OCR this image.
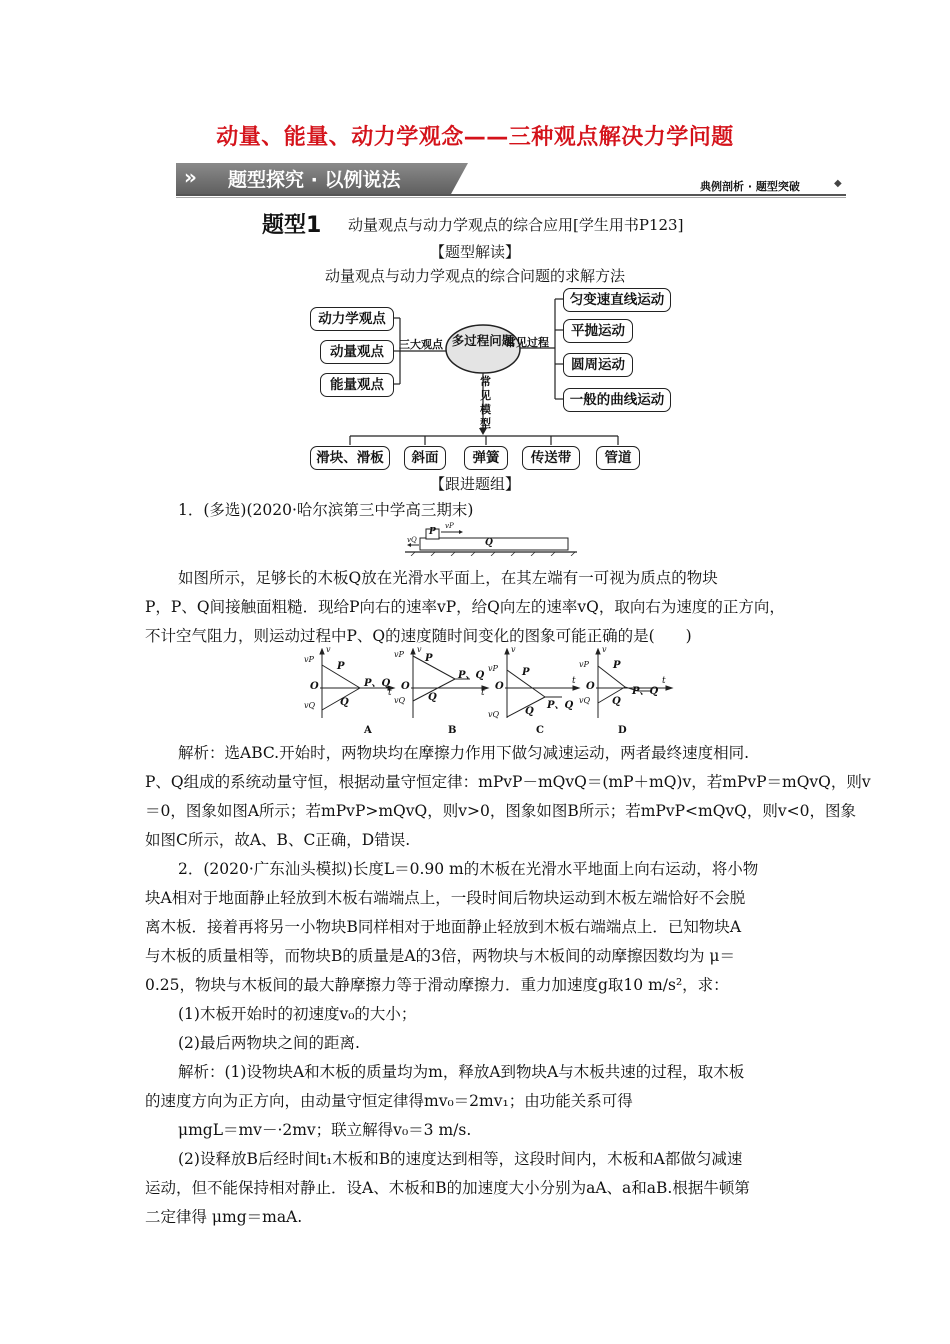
动量、能量、动力学观念——三种观点解决力学问题
» 题型探究 · 以例说法	典例剖析 · 题型突破	◆
题型1 动量观点与动力学观点的综合应用[学生用书P123]
【题型解读】
动量观点与动力学观点的综合问题的求解方法
动力学观点
动量观点
能量观点
三大观点 多过程问题
常见过程
匀变速直线运动
平抛运动
圆周运动
一般的曲线运动
常见模型
滑块、滑板	斜面	弹簧	传送带	管道
【跟进题组】
1．(多选)(2020·哈尔滨第三中学高三期末)
P
vP
Q
vQ
如图所示，足够长的木板Q放在光滑水平面上，在其左端有一可视为质点的物块
P，P、Q间接触面粗糙．现给P向右的速率vP，给Q向左的速率vQ，取向右为速度的正方向，
不计空气阻力，则运动过程中P、Q的速度随时间变化的图象可能正确的是(　　)
vP
v
O
vQ
P
Q
P、Q
t
A
vP
v
O
vQ
P
Q
P、Q
t
B
vP
v
O
vQ
P
Q
P、Q
t
C
vP
v
O
vQ
P
Q
P、Q
t
D
解析：选ABC.开始时，两物块均在摩擦力作用下做匀减速运动，两者最终速度相同.
P、Q组成的系统动量守恒，根据动量守恒定律：mPvP－mQvQ＝(mP＋mQ)v，若mPvP＝mQvQ，则v
＝0，图象如图A所示；若mPvP>mQvQ，则v>0，图象如图B所示；若mPvP<mQvQ，则v<0，图象
如图C所示，故A、B、C正确，D错误.
2．(2020·广东汕头模拟)长度L＝0.90 m的木板在光滑水平地面上向右运动，将小物
块A相对于地面静止轻放到木板右端端点上，一段时间后物块运动到木板左端恰好不会脱
离木板．接着再将另一小物块B同样相对于地面静止轻放到木板右端端点上．已知物块A
与木板的质量相等，而物块B的质量是A的3倍，两物块与木板间的动摩擦因数均为 μ＝
0.25，物块与木板间的最大静摩擦力等于滑动摩擦力．重力加速度g取10 m/s²，求：
(1)木板开始时的初速度v₀的大小；
(2)最后两物块之间的距离.
解析：(1)设物块A和木板的质量均为m，释放A到物块A与木板共速的过程，取木板
的速度方向为正方向，由动量守恒定律得mv₀＝2mv₁；由功能关系可得
μmgL＝mv－·2mv；联立解得v₀＝3 m/s.
(2)设释放B后经时间t₁木板和B的速度达到相等，这段时间内，木板和A都做匀减速
运动，但不能保持相对静止．设A、木板和B的加速度大小分别为aA、a和aB.根据牛顿第
二定律得 μmg＝maA.
